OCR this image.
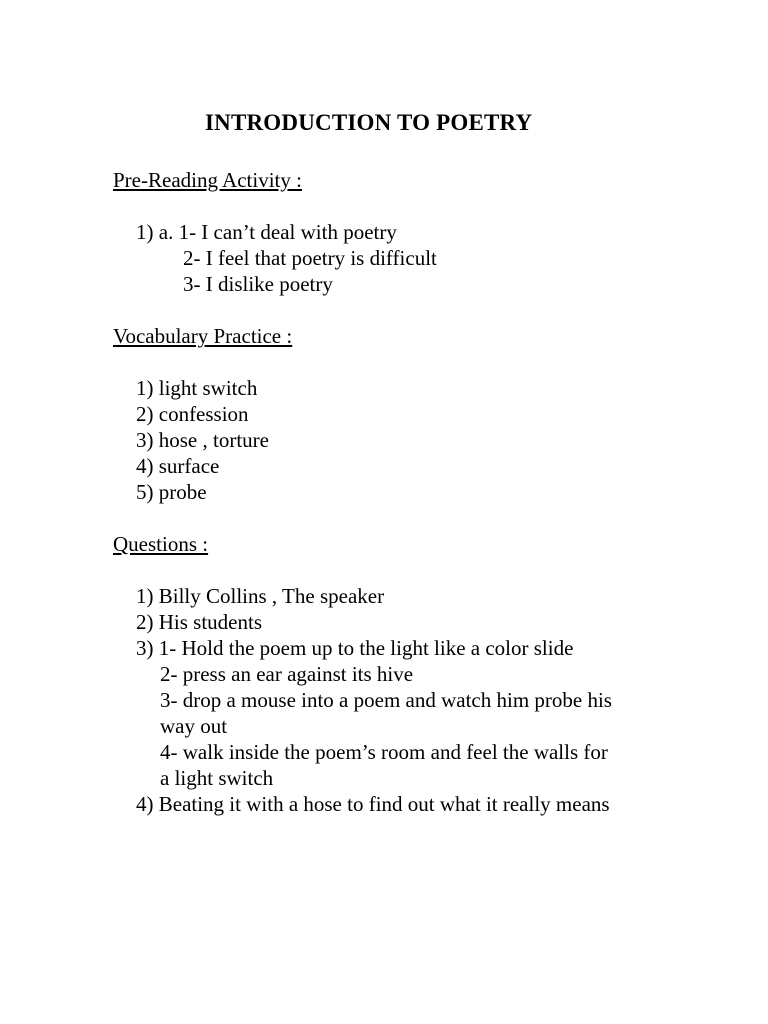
INTRODUCTION TO POETRY
Pre-Reading Activity :
1) a. 1- I can’t deal with poetry
2- I feel that poetry is difficult
3- I dislike poetry
Vocabulary Practice :
1) light switch
2) confession
3) hose , torture
4) surface
5) probe
Questions :
1) Billy Collins , The speaker
2) His students
3) 1- Hold the poem up to the light like a color slide
2- press an ear against its hive
3- drop a mouse into a poem and watch him probe his
way out
4- walk inside the poem’s room and feel the walls for
a light switch
4) Beating it with a hose to find out what it really means
